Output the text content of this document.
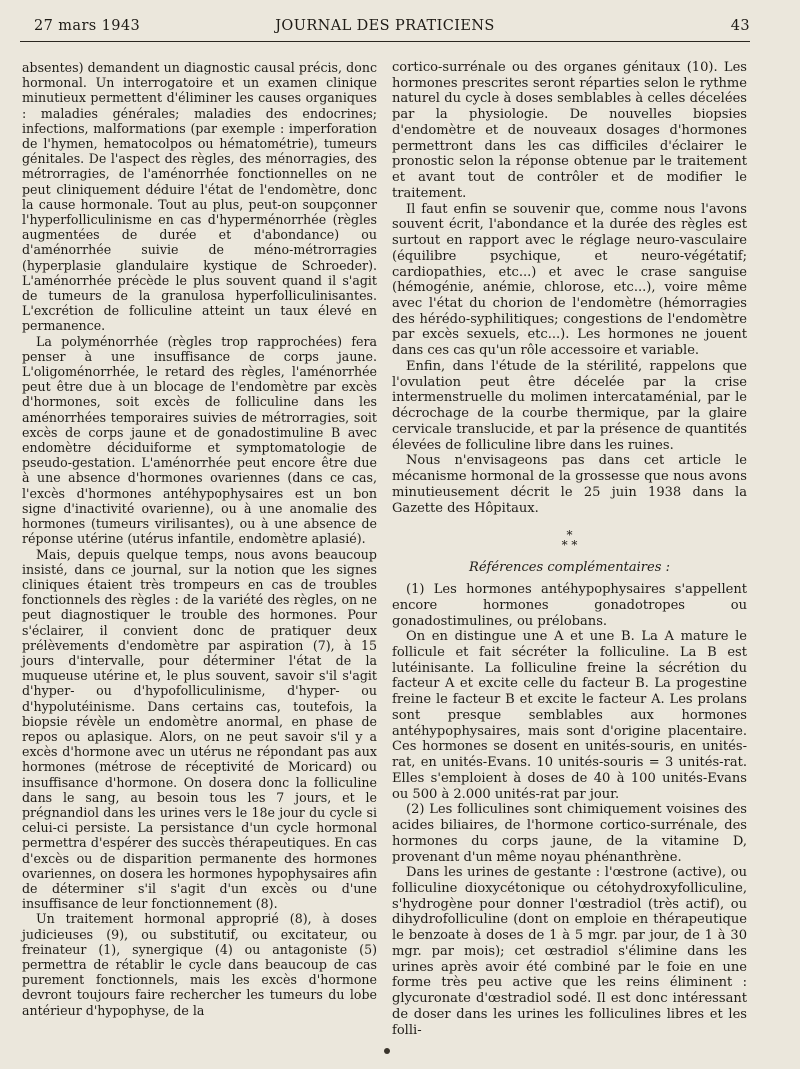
27 mars 1943	JOURNAL DES PRATICIENS	43

absentes) demandent un diagnostic causal précis, donc hormonal. Un interrogatoire et un examen clinique minutieux permettent d'éliminer les causes organiques : maladies générales; maladies des endocrines; infections, malformations (par exemple : imperforation de l'hymen, hematocolpos ou hématométrie), tumeurs génitales. De l'aspect des règles, des ménorragies, des métrorragies, de l'aménorrhée fonctionnelles on ne peut cliniquement déduire l'état de l'endomètre, donc la cause hormonale. Tout au plus, peut-on soupçonner l'hyperfolliculinisme en cas d'hyperménorrhée (règles augmentées de durée et d'abondance) ou d'aménorrhée suivie de méno-métrorragies (hyperplasie glandulaire kystique de Schroeder). L'aménorrhée précède le plus souvent quand il s'agit de tumeurs de la granulosa hyperfolliculinisantes. L'excrétion de folliculine atteint un taux élevé en permanence.

La polyménorrhée (règles trop rapprochées) fera penser à une insuffisance de corps jaune. L'oligoménorrhée, le retard des règles, l'aménorrhée peut être due à un blocage de l'endomètre par excès d'hormones, soit excès de folliculine dans les aménorrhées temporaires suivies de métrorragies, soit excès de corps jaune et de gonadostimuline B avec endomètre déciduiforme et symptomatologie de pseudo-gestation. L'aménorrhée peut encore être due à une absence d'hormones ovariennes (dans ce cas, l'excès d'hormones antéhypophysaires est un bon signe d'inactivité ovarienne), ou à une anomalie des hormones (tumeurs virilisantes), ou à une absence de réponse utérine (utérus infantile, endomètre aplasié).

Mais, depuis quelque temps, nous avons beaucoup insisté, dans ce journal, sur la notion que les signes cliniques étaient très trompeurs en cas de troubles fonctionnels des règles : de la variété des règles, on ne peut diagnostiquer le trouble des hormones. Pour s'éclairer, il convient donc de pratiquer deux prélèvements d'endomètre par aspiration (7), à 15 jours d'intervalle, pour déterminer l'état de la muqueuse utérine et, le plus souvent, savoir s'il s'agit d'hyper- ou d'hypofolliculinisme, d'hyper- ou d'hypolutéinisme. Dans certains cas, toutefois, la biopsie révèle un endomètre anormal, en phase de repos ou aplasique. Alors, on ne peut savoir s'il y a excès d'hormone avec un utérus ne répondant pas aux hormones (métrose de réceptivité de Moricard) ou insuffisance d'hormone. On dosera donc la folliculine dans le sang, au besoin tous les 7 jours, et le prégnandiol dans les urines vers le 18e jour du cycle si celui-ci persiste. La persistance d'un cycle hormonal permettra d'espérer des succès thérapeutiques. En cas d'excès ou de disparition permanente des hormones ovariennes, on dosera les hormones hypophysaires afin de déterminer s'il s'agit d'un excès ou d'une insuffisance de leur fonctionnement (8).

Un traitement hormonal approprié (8), à doses judicieuses (9), ou substitutif, ou excitateur, ou freinateur (1), synergique (4) ou antagoniste (5) permettra de rétablir le cycle dans beaucoup de cas purement fonctionnels, mais les excès d'hormone devront toujours faire rechercher les tumeurs du lobe antérieur d'hypophyse, de la

cortico-surrénale ou des organes génitaux (10). Les hormones prescrites seront réparties selon le rythme naturel du cycle à doses semblables à celles décelées par la physiologie. De nouvelles biopsies d'endomètre et de nouveaux dosages d'hormones permettront dans les cas difficiles d'éclairer le pronostic selon la réponse obtenue par le traitement et avant tout de contrôler et de modifier le traitement.

Il faut enfin se souvenir que, comme nous l'avons souvent écrit, l'abondance et la durée des règles est surtout en rapport avec le réglage neuro-vasculaire (équilibre psychique, et neuro-végétatif; cardiopathies, etc...) et avec le crase sanguise (hémogénie, anémie, chlorose, etc...), voire même avec l'état du chorion de l'endomètre (hémorragies des hérédo-syphilitiques; congestions de l'endomètre par excès sexuels, etc...). Les hormones ne jouent dans ces cas qu'un rôle accessoire et variable.

Enfin, dans l'étude de la stérilité, rappelons que l'ovulation peut être décelée par la crise intermenstruelle du molimen intercataménial, par le décrochage de la courbe thermique, par la glaire cervicale translucide, et par la présence de quantités élevées de folliculine libre dans les ruines.

Nous n'envisageons pas dans cet article le mécanisme hormonal de la grossesse que nous avons minutieusement décrit le 25 juin 1938 dans la Gazette des Hôpitaux.

*
* *
Références complémentaires :

(1) Les hormones antéhypophysaires s'appellent encore hormones gonadotropes ou gonadostimulines, ou prélobans.

On en distingue une A et une B. La A mature le follicule et fait sécréter la folliculine. La B est lutéinisante. La folliculine freine la sécrétion du facteur A et excite celle du facteur B. La progestine freine le facteur B et excite le facteur A. Les prolans sont presque semblables aux hormones antéhypophysaires, mais sont d'origine placentaire. Ces hormones se dosent en unités-souris, en unités-rat, en unités-Evans. 10 unités-souris = 3 unités-rat. Elles s'emploient à doses de 40 à 100 unités-Evans ou 500 à 2.000 unités-rat par jour.

(2) Les folliculines sont chimiquement voisines des acides biliaires, de l'hormone cortico-surrénale, des hormones du corps jaune, de la vitamine D, provenant d'un même noyau phénanthrène.

Dans les urines de gestante : l'œstrone (active), ou folliculine dioxycétonique ou cétohydroxyfolliculine, s'hydrogène pour donner l'œstradiol (très actif), ou dihydrofolliculine (dont on emploie en thérapeutique le benzoate à doses de 1 à 5 mgr. par jour, de 1 à 30 mgr. par mois); cet œstradiol s'élimine dans les urines après avoir été combiné par le foie en une forme très peu active que les reins éliminent : glycuronate d'œstradiol sodé. Il est donc intéressant de doser dans les urines les folliculines libres et les folli-
